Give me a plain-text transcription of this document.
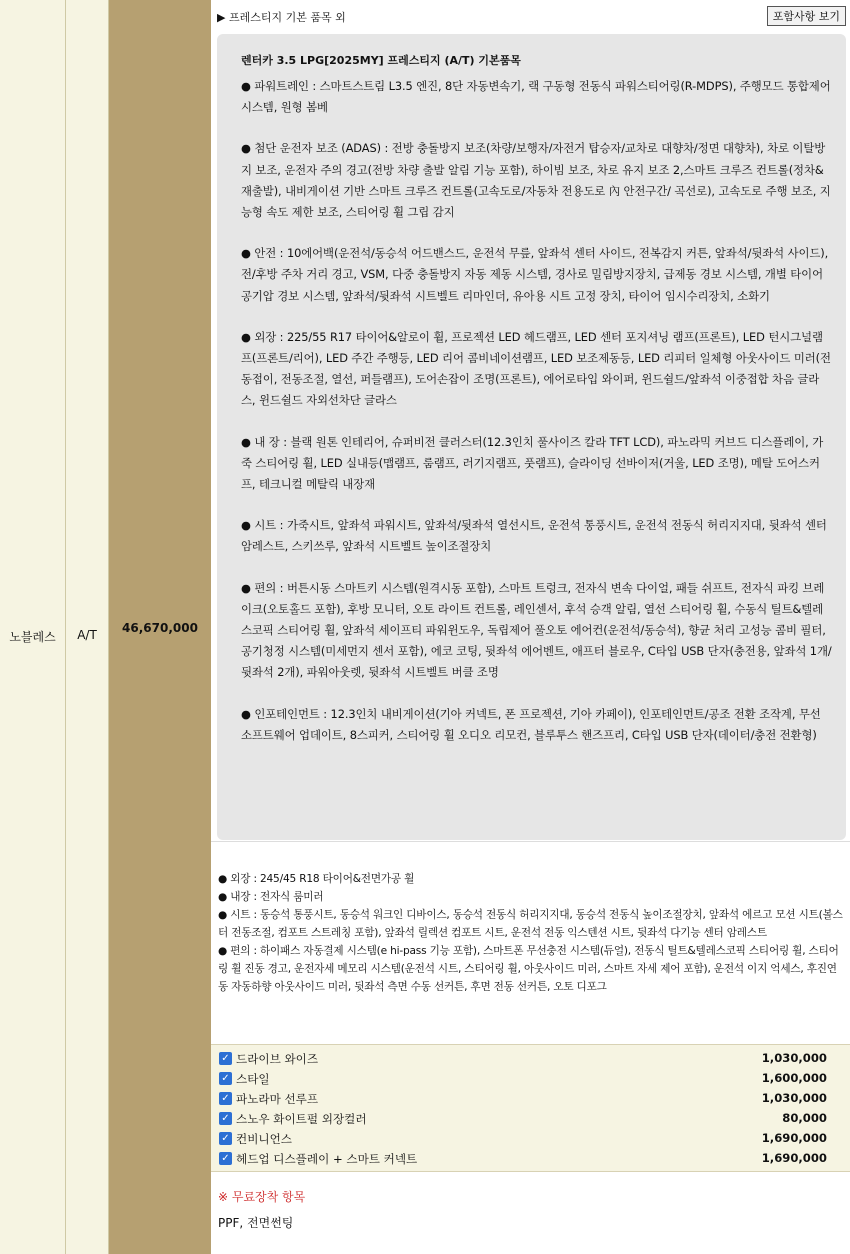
노블레스	A/T	46,670,000
▶ 프레스티지 기본 품목 외	포함사항 보기
렌터카 3.5 LPG[2025MY] 프레스티지 (A/T) 기본품목
● 파워트레인 : 스마트스트림 L3.5 엔진, 8단 자동변속기, 랙 구동형 전동식 파워스티어링(R-MDPS), 주행모드 통합제어 시스템, 원형 봄베
● 첨단 운전자 보조 (ADAS) : 전방 충돌방지 보조(차량/보행자/자전거 탑승자/교차로 대향차/정면 대향차), 차로 이탈방지 보조, 운전자 주의 경고(전방 차량 출발 알림 기능 포함), 하이빔 보조, 차로 유지 보조 2,스마트 크루즈 컨트롤(정차&재출발), 내비게이션 기반 스마트 크루즈 컨트롤(고속도로/자동차 전용도로 內 안전구간/ 곡선로), 고속도로 주행 보조, 지능형 속도 제한 보조, 스티어링 휠 그립 감지
● 안전 : 10에어백(운전석/동승석 어드밴스드, 운전석 무릎, 앞좌석 센터 사이드, 전복감지 커튼, 앞좌석/뒷좌석 사이드), 전/후방 주차 거리 경고, VSM, 다중 충돌방지 자동 제동 시스템, 경사로 밀림방지장치, 급제동 경보 시스템, 개별 타이어 공기압 경보 시스템, 앞좌석/뒷좌석 시트벨트 리마인더, 유아용 시트 고정 장치, 타이어 임시수리장치, 소화기
● 외장 : 225/55 R17 타이어&알로이 휠, 프로젝션 LED 헤드램프, LED 센터 포지셔닝 램프(프론트), LED 턴시그널램프(프론트/리어), LED 주간 주행등, LED 리어 콤비네이션램프, LED 보조제동등, LED 리피터 일체형 아웃사이드 미러(전동접이, 전동조절, 열선, 퍼들램프), 도어손잡이 조명(프론트), 에어로타입 와이퍼, 윈드쉴드/앞좌석 이중접합 차음 글라스, 윈드쉴드 자외선차단 글라스
● 내 장 : 블랙 원톤 인테리어, 슈퍼비전 클러스터(12.3인치 풀사이즈 칼라 TFT LCD), 파노라믹 커브드 디스플레이, 가죽 스티어링 휠, LED 실내등(맵램프, 룸램프, 러기지램프, 풋램프), 슬라이딩 선바이저(거울, LED 조명), 메탈 도어스커프, 테크니컬 메탈릭 내장재
● 시트 : 가죽시트, 앞좌석 파워시트, 앞좌석/뒷좌석 열선시트, 운전석 통풍시트, 운전석 전동식 허리지지대, 뒷좌석 센터 암레스트, 스키쓰루, 앞좌석 시트벨트 높이조절장치
● 편의 : 버튼시동 스마트키 시스템(원격시동 포함), 스마트 트렁크, 전자식 변속 다이얼, 패들 쉬프트, 전자식 파킹 브레이크(오토홀드 포함), 후방 모니터, 오토 라이트 컨트롤, 레인센서, 후석 승객 알림, 열선 스티어링 휠, 수동식 틸트&텔레스코픽 스티어링 휠, 앞좌석 세이프티 파워윈도우, 독립제어 풀오토 에어컨(운전석/동승석), 향균 처리 고성능 콤비 필터, 공기청정 시스템(미세먼지 센서 포함), 에코 코팅, 뒷좌석 에어벤트, 애프터 블로우, C타입 USB 단자(충전용, 앞좌석 1개/뒷좌석 2개), 파워아웃렛, 뒷좌석 시트벨트 버클 조명
● 인포테인먼트 : 12.3인치 내비게이션(기아 커넥트, 폰 프로젝션, 기아 카페이), 인포테인먼트/공조 전환 조작계, 무선 소프트웨어 업데이트, 8스피커, 스티어링 휠 오디오 리모컨, 블루투스 핸즈프리, C타입 USB 단자(데이터/충전 전환형)
● 외장 : 245/45 R18 타이어&전면가공 휠
● 내장 : 전자식 룸미러
● 시트 : 동승석 통풍시트, 동승석 워크인 디바이스, 동승석 전동식 허리지지대, 동승석 전동식 높이조절장치, 앞좌석 에르고 모션 시트(볼스터 전동조절, 컴포트 스트레칭 포함), 앞좌석 릴렉션 컴포트 시트, 운전석 전동 익스텐션 시트, 뒷좌석 다기능 센터 암레스트
● 편의 : 하이패스 자동결제 시스템(e hi-pass 기능 포함), 스마트폰 무선충전 시스템(듀얼), 전동식 틸트&텔레스코픽 스티어링 휠, 스티어링 휠 진동 경고, 운전자세 메모리 시스템(운전석 시트, 스티어링 휠, 아웃사이드 미러, 스마트 자세 제어 포함), 운전석 이지 억세스, 후진연동 자동하향 아웃사이드 미러, 뒷좌석 측면 수동 선커튼, 후면 전동 선커튼, 오토 디포그
✓ 드라이브 와이즈	1,030,000
✓ 스타일	1,600,000
✓ 파노라마 선루프	1,030,000
✓ 스노우 화이트펄 외장컬러	80,000
✓ 컨비니언스	1,690,000
✓ 헤드업 디스플레이 + 스마트 커넥트	1,690,000
※ 무료장착 항목
PPF, 전면썬팅
